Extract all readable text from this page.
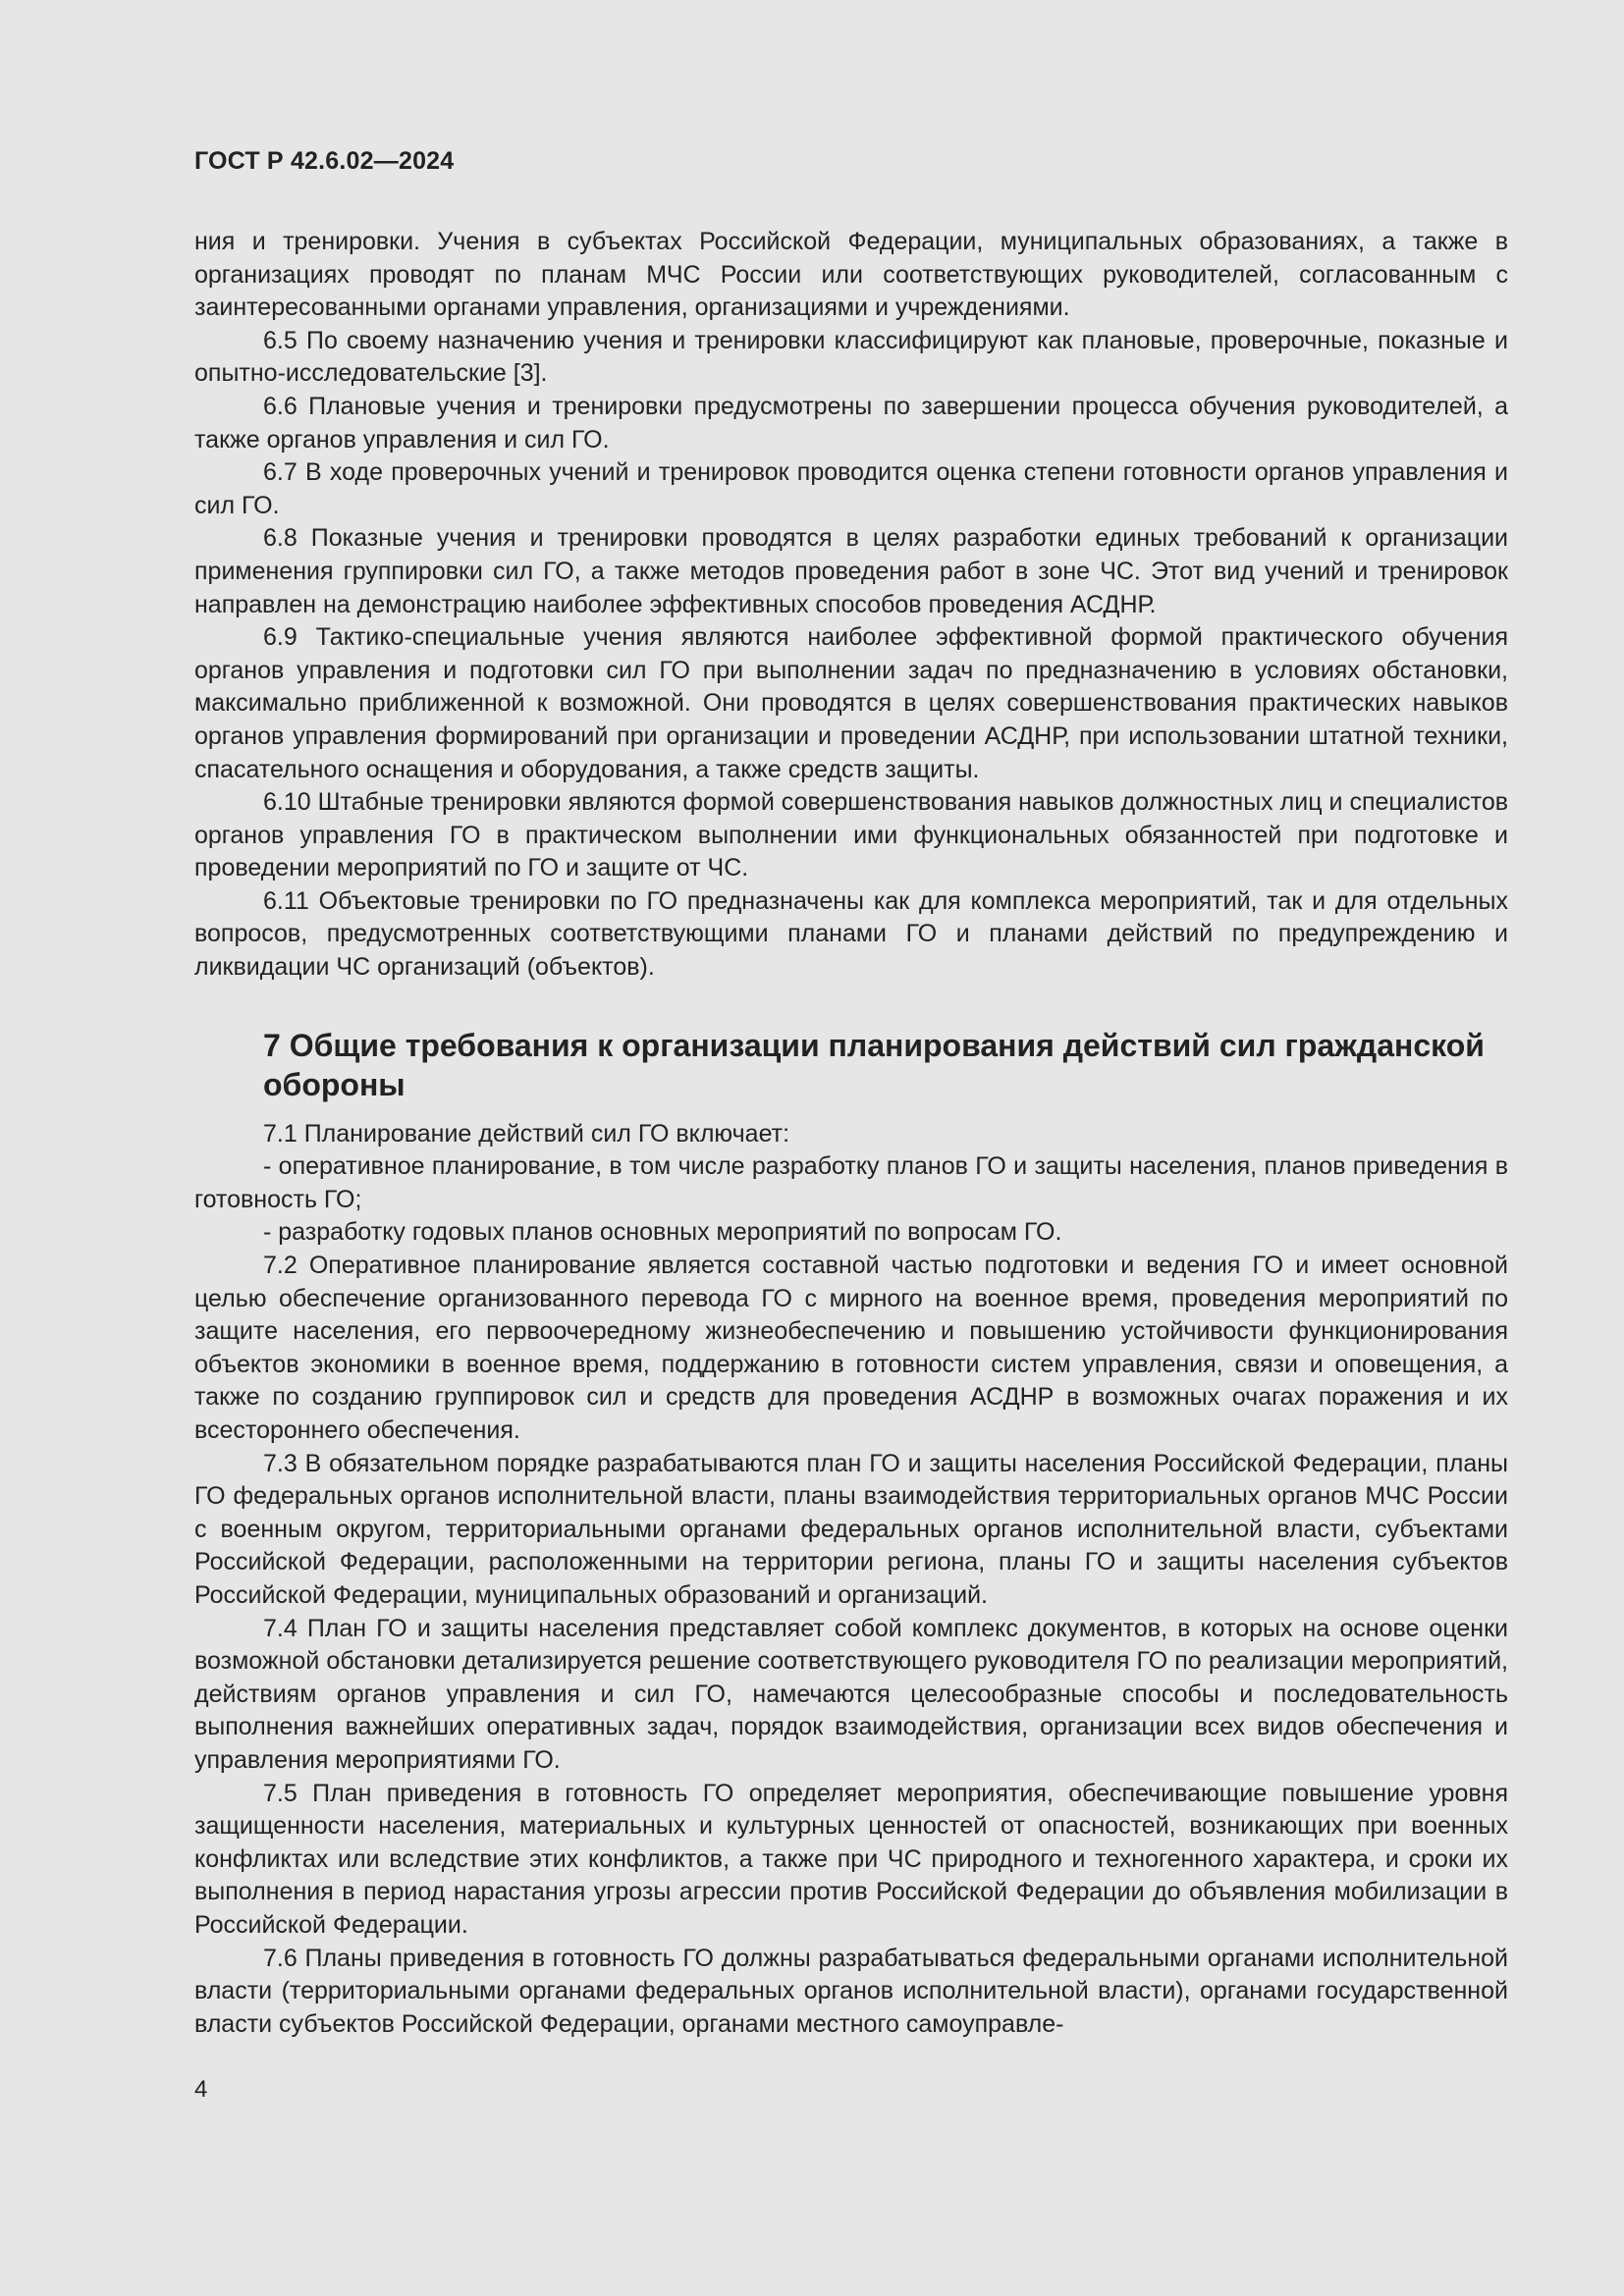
ГОСТ Р 42.6.02—2024

ния и тренировки. Учения в субъектах Российской Федерации, муниципальных образованиях, а также в организациях проводят по планам МЧС России или соответствующих руководителей, согласованным с заинтересованными органами управления, организациями и учреждениями.

6.5 По своему назначению учения и тренировки классифицируют как плановые, проверочные, показные и опытно-исследовательские [3].

6.6 Плановые учения и тренировки предусмотрены по завершении процесса обучения руководителей, а также органов управления и сил ГО.

6.7 В ходе проверочных учений и тренировок проводится оценка степени готовности органов управления и сил ГО.

6.8 Показные учения и тренировки проводятся в целях разработки единых требований к организации применения группировки сил ГО, а также методов проведения работ в зоне ЧС. Этот вид учений и тренировок направлен на демонстрацию наиболее эффективных способов проведения АСДНР.

6.9 Тактико-специальные учения являются наиболее эффективной формой практического обучения органов управления и подготовки сил ГО при выполнении задач по предназначению в условиях обстановки, максимально приближенной к возможной. Они проводятся в целях совершенствования практических навыков органов управления формирований при организации и проведении АСДНР, при использовании штатной техники, спасательного оснащения и оборудования, а также средств защиты.

6.10 Штабные тренировки являются формой совершенствования навыков должностных лиц и специалистов органов управления ГО в практическом выполнении ими функциональных обязанностей при подготовке и проведении мероприятий по ГО и защите от ЧС.

6.11 Объектовые тренировки по ГО предназначены как для комплекса мероприятий, так и для отдельных вопросов, предусмотренных соответствующими планами ГО и планами действий по предупреждению и ликвидации ЧС организаций (объектов).

7 Общие требования к организации планирования действий сил гражданской обороны

7.1 Планирование действий сил ГО включает:

- оперативное планирование, в том числе разработку планов ГО и защиты населения, планов приведения в готовность ГО;

- разработку годовых планов основных мероприятий по вопросам ГО.

7.2 Оперативное планирование является составной частью подготовки и ведения ГО и имеет основной целью обеспечение организованного перевода ГО с мирного на военное время, проведения мероприятий по защите населения, его первоочередному жизнеобеспечению и повышению устойчивости функционирования объектов экономики в военное время, поддержанию в готовности систем управления, связи и оповещения, а также по созданию группировок сил и средств для проведения АСДНР в возможных очагах поражения и их всестороннего обеспечения.

7.3 В обязательном порядке разрабатываются план ГО и защиты населения Российской Федерации, планы ГО федеральных органов исполнительной власти, планы взаимодействия территориальных органов МЧС России с военным округом, территориальными органами федеральных органов исполнительной власти, субъектами Российской Федерации, расположенными на территории региона, планы ГО и защиты населения субъектов Российской Федерации, муниципальных образований и организаций.

7.4 План ГО и защиты населения представляет собой комплекс документов, в которых на основе оценки возможной обстановки детализируется решение соответствующего руководителя ГО по реализации мероприятий, действиям органов управления и сил ГО, намечаются целесообразные способы и последовательность выполнения важнейших оперативных задач, порядок взаимодействия, организации всех видов обеспечения и управления мероприятиями ГО.

7.5 План приведения в готовность ГО определяет мероприятия, обеспечивающие повышение уровня защищенности населения, материальных и культурных ценностей от опасностей, возникающих при военных конфликтах или вследствие этих конфликтов, а также при ЧС природного и техногенного характера, и сроки их выполнения в период нарастания угрозы агрессии против Российской Федерации до объявления мобилизации в Российской Федерации.

7.6 Планы приведения в готовность ГО должны разрабатываться федеральными органами исполнительной власти (территориальными органами федеральных органов исполнительной власти), органами государственной власти субъектов Российской Федерации, органами местного самоуправле-

4
